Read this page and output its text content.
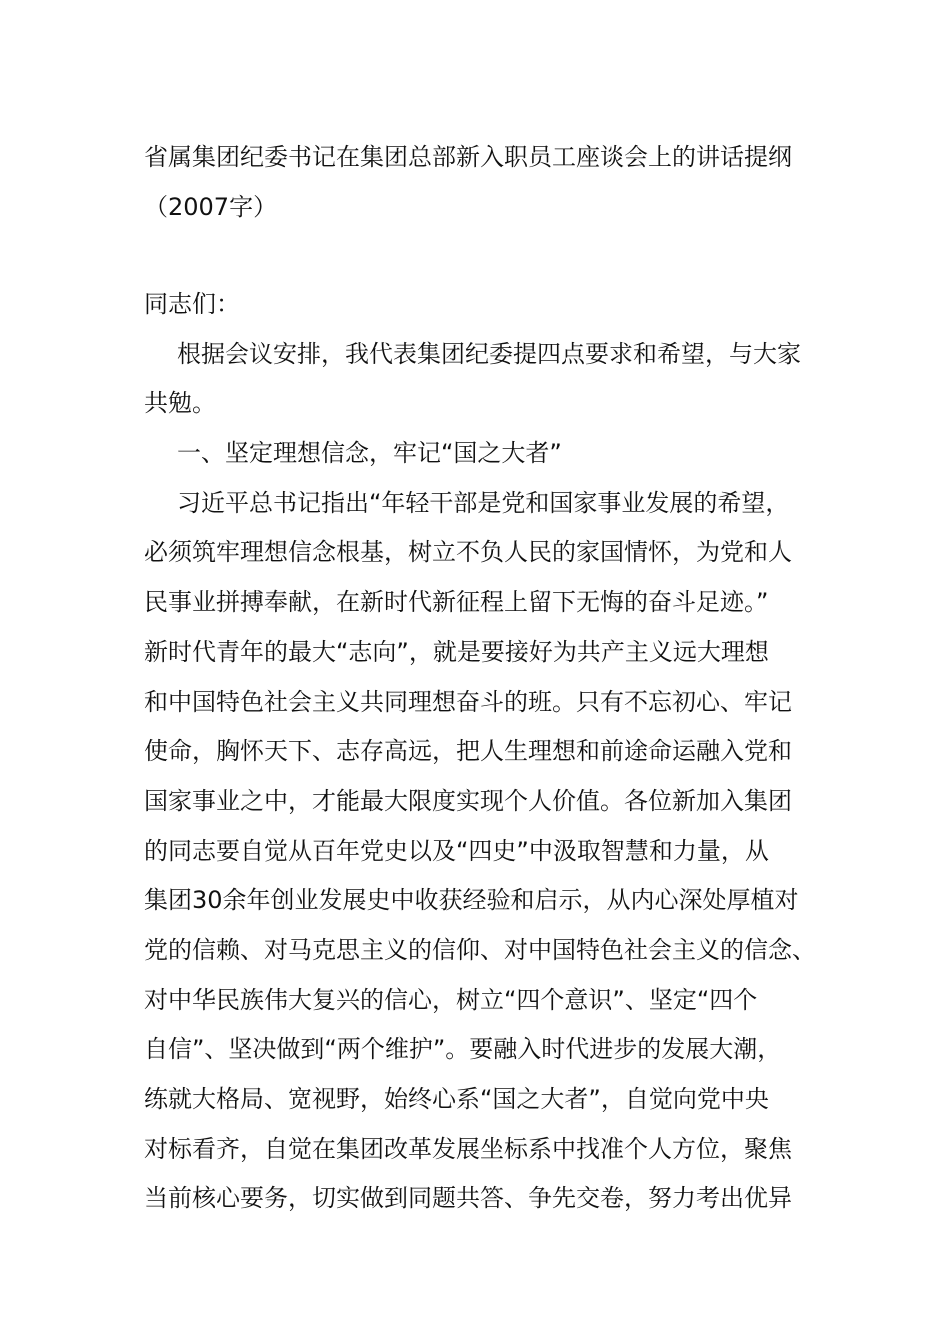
省属集团纪委书记在集团总部新入职员工座谈会上的讲话提纲
（2007字）
同志们：
根据会议安排，我代表集团纪委提四点要求和希望，与大家
共勉。
一、坚定理想信念，牢记“国之大者”
习近平总书记指出“年轻干部是党和国家事业发展的希望，
必须筑牢理想信念根基，树立不负人民的家国情怀，为党和人
民事业拼搏奉献，在新时代新征程上留下无悔的奋斗足迹。”
新时代青年的最大“志向”，就是要接好为共产主义远大理想
和中国特色社会主义共同理想奋斗的班。只有不忘初心、牢记
使命，胸怀天下、志存高远，把人生理想和前途命运融入党和
国家事业之中，才能最大限度实现个人价值。各位新加入集团
的同志要自觉从百年党史以及“四史”中汲取智慧和力量，从
集团30余年创业发展史中收获经验和启示，从内心深处厚植对
党的信赖、对马克思主义的信仰、对中国特色社会主义的信念、
对中华民族伟大复兴的信心，树立“四个意识”、坚定“四个
自信”、坚决做到“两个维护”。要融入时代进步的发展大潮，
练就大格局、宽视野，始终心系“国之大者”，自觉向党中央
对标看齐，自觉在集团改革发展坐标系中找准个人方位，聚焦
当前核心要务，切实做到同题共答、争先交卷，努力考出优异
